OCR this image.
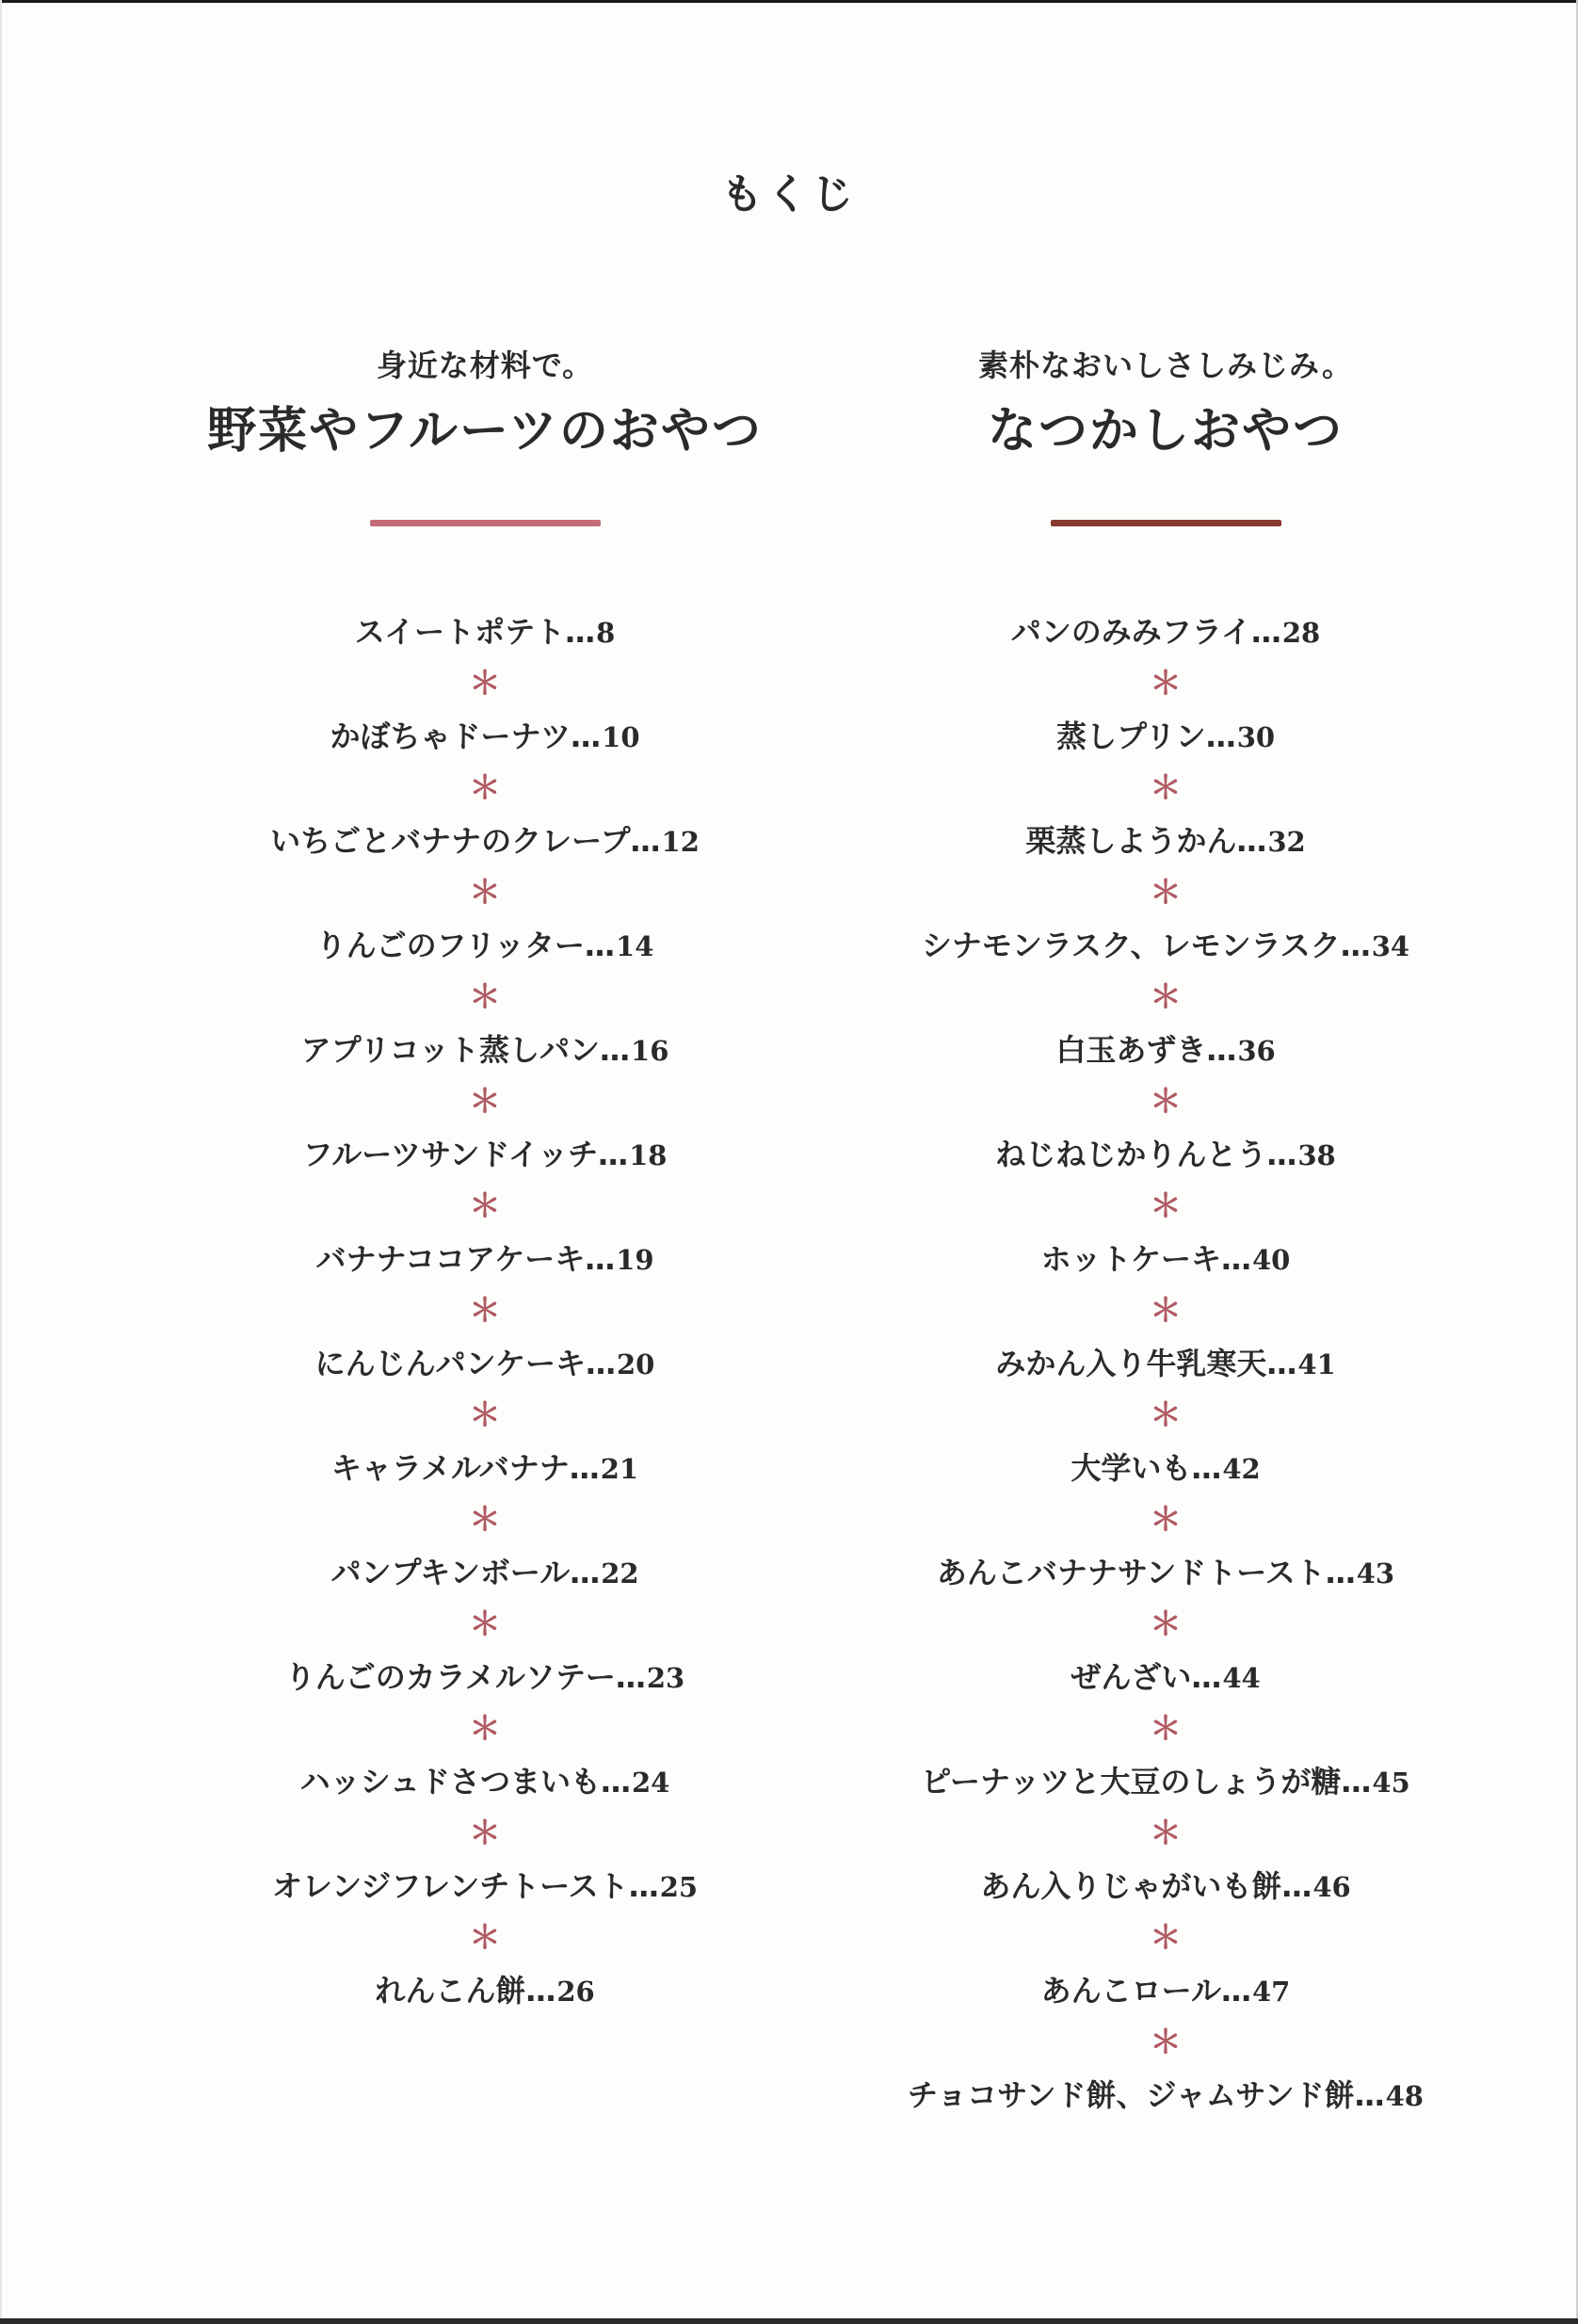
もくじ
身近な材料で。
野菜やフルーツのおやつ
スイートポテト…8
＊
かぼちゃドーナツ…10
＊
いちごとバナナのクレープ…12
＊
りんごのフリッター…14
＊
アプリコット蒸しパン…16
＊
フルーツサンドイッチ…18
＊
バナナココアケーキ…19
＊
にんじんパンケーキ…20
＊
キャラメルバナナ…21
＊
パンプキンボール…22
＊
りんごのカラメルソテー…23
＊
ハッシュドさつまいも…24
＊
オレンジフレンチトースト…25
＊
れんこん餅…26
素朴なおいしさしみじみ。
なつかしおやつ
パンのみみフライ…28
＊
蒸しプリン…30
＊
栗蒸しようかん…32
＊
シナモンラスク、レモンラスク…34
＊
白玉あずき…36
＊
ねじねじかりんとう…38
＊
ホットケーキ…40
＊
みかん入り牛乳寒天…41
＊
大学いも…42
＊
あんこバナナサンドトースト…43
＊
ぜんざい…44
＊
ピーナッツと大豆のしょうが糖…45
＊
あん入りじゃがいも餅…46
＊
あんこロール…47
＊
チョコサンド餅、ジャムサンド餅…48
